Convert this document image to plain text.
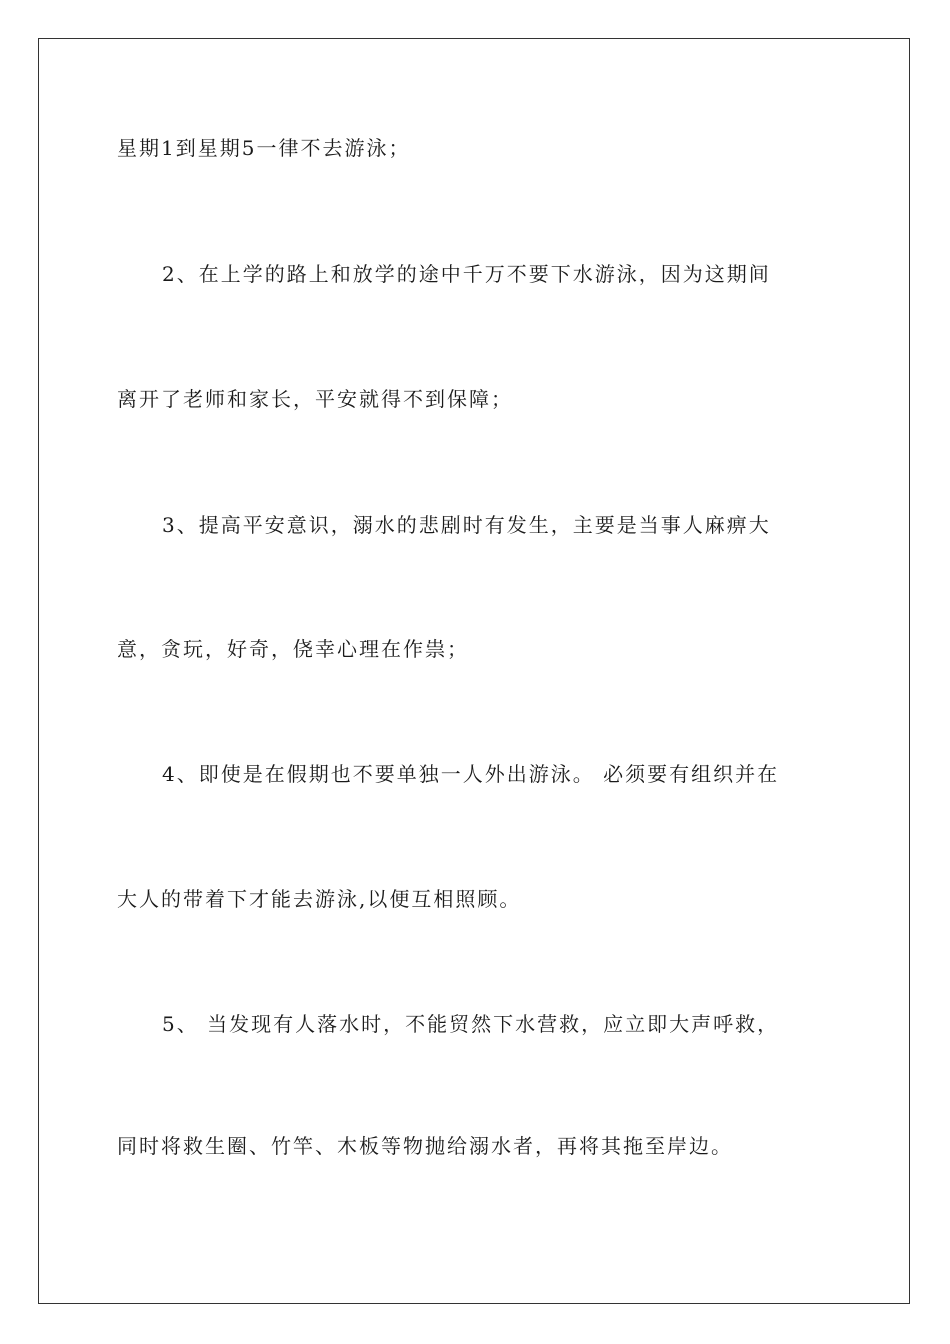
星期1到星期5一律不去游泳；
2、在上学的路上和放学的途中千万不要下水游泳，因为这期间
离开了老师和家长，平安就得不到保障；
3、提高平安意识，溺水的悲剧时有发生，主要是当事人麻痹大
意，贪玩，好奇，侥幸心理在作祟；
4、即使是在假期也不要单独一人外出游泳。 必须要有组织并在
大人的带着下才能去游泳,以便互相照顾。
5、 当发现有人落水时，不能贸然下水营救，应立即大声呼救，
同时将救生圈、竹竿、木板等物抛给溺水者，再将其拖至岸边。
